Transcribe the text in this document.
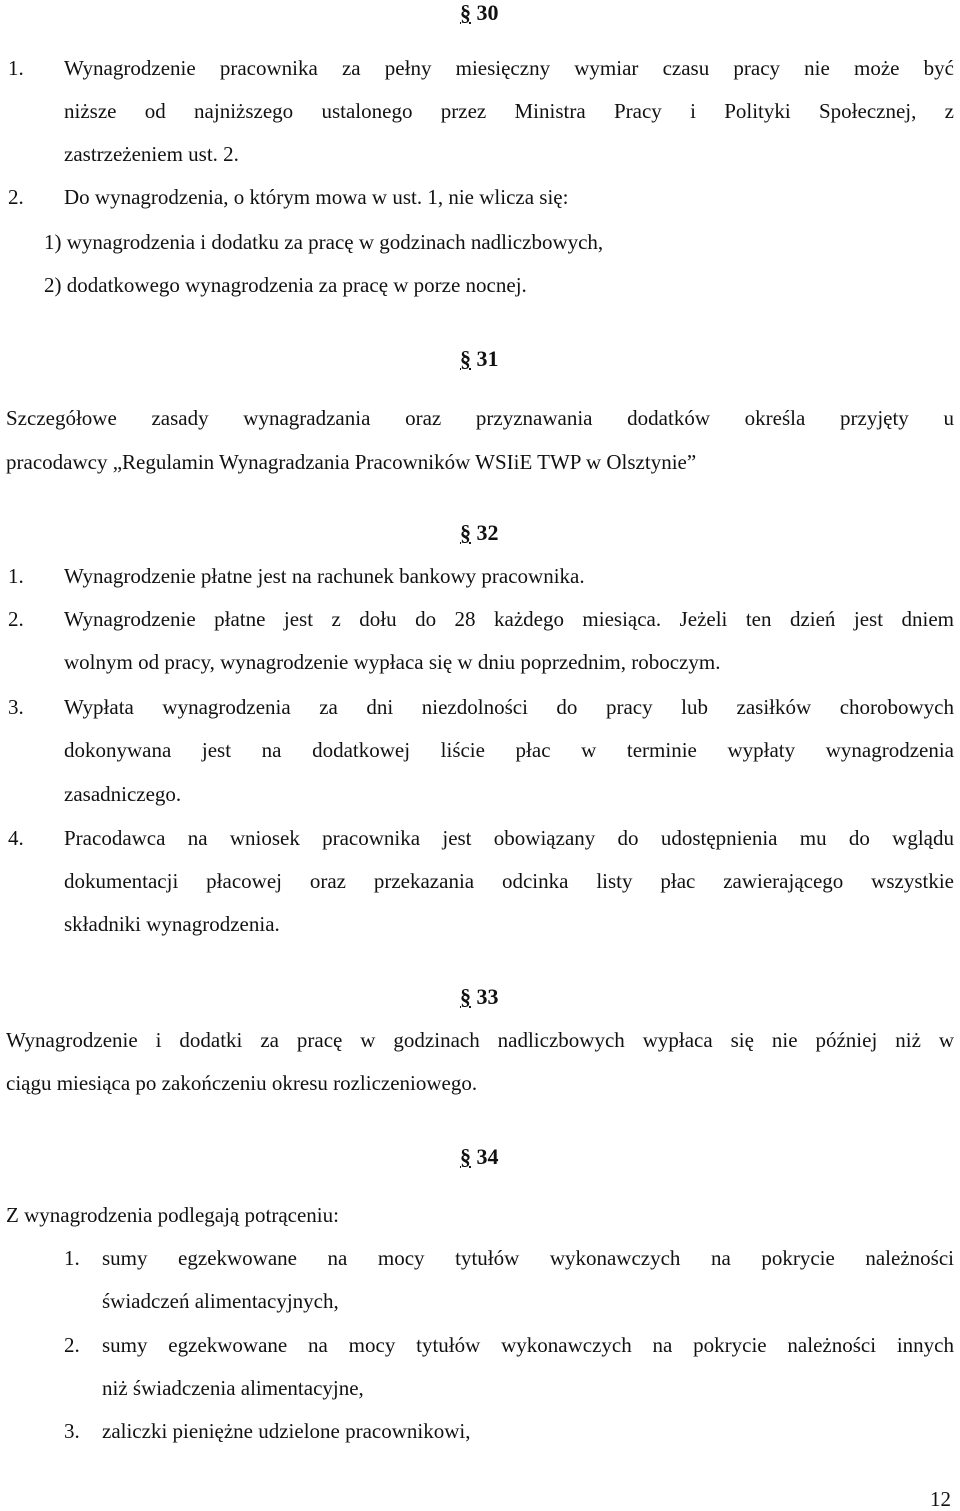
§ 30
1. Wynagrodzenie pracownika za pełny miesięczny wymiar czasu pracy nie może być
niższe od najniższego ustalonego przez Ministra Pracy i Polityki Społecznej, z
zastrzeżeniem ust. 2.
2. Do wynagrodzenia, o którym mowa w ust. 1, nie wlicza się:
1) wynagrodzenia i dodatku za pracę w godzinach nadliczbowych,
2) dodatkowego wynagrodzenia za pracę w porze nocnej.
§ 31
Szczegółowe zasady wynagradzania oraz przyznawania dodatków określa przyjęty u
pracodawcy „Regulamin Wynagradzania Pracowników WSIiE TWP w Olsztynie”
§ 32
1. Wynagrodzenie płatne jest na rachunek bankowy pracownika.
2. Wynagrodzenie płatne jest z dołu do 28 każdego miesiąca. Jeżeli ten dzień jest dniem
wolnym od pracy, wynagrodzenie wypłaca się w dniu poprzednim, roboczym.
3. Wypłata wynagrodzenia za dni niezdolności do pracy lub zasiłków chorobowych
dokonywana jest na dodatkowej liście płac w terminie wypłaty wynagrodzenia
zasadniczego.
4. Pracodawca na wniosek pracownika jest obowiązany do udostępnienia mu do wglądu
dokumentacji płacowej oraz przekazania odcinka listy płac zawierającego wszystkie
składniki wynagrodzenia.
§ 33
Wynagrodzenie i dodatki za pracę w godzinach nadliczbowych wypłaca się nie później niż w
ciągu miesiąca po zakończeniu okresu rozliczeniowego.
§ 34
Z wynagrodzenia podlegają potrąceniu:
1. sumy egzekwowane na mocy tytułów wykonawczych na pokrycie należności
świadczeń alimentacyjnych,
2. sumy egzekwowane na mocy tytułów wykonawczych na pokrycie należności innych
niż świadczenia alimentacyjne,
3. zaliczki pieniężne udzielone pracownikowi,
12
